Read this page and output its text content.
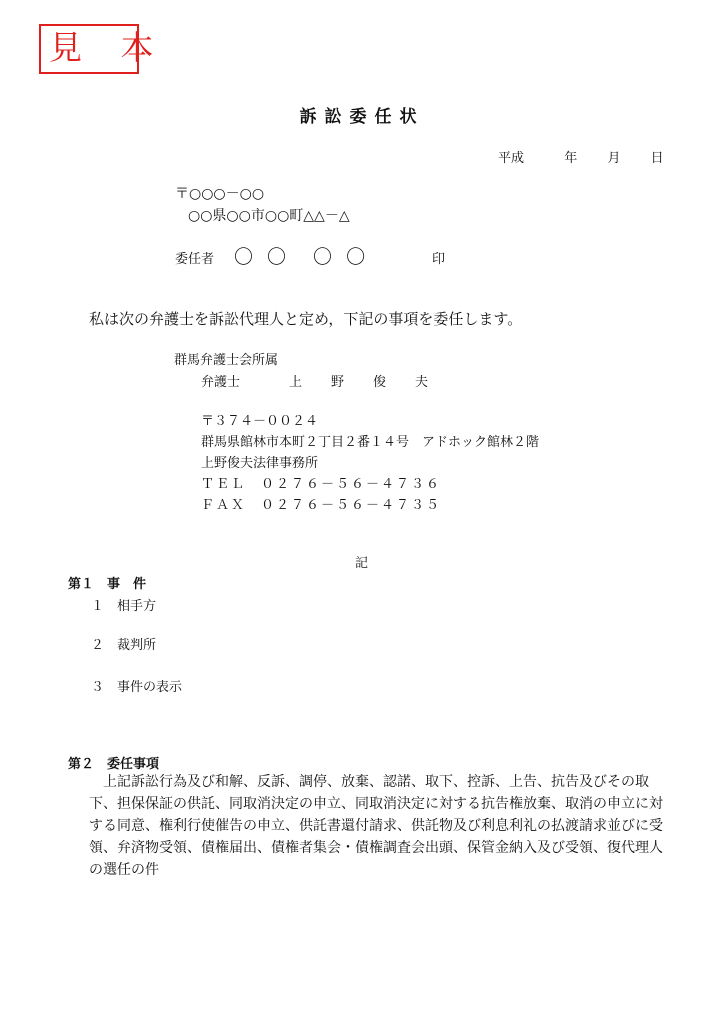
見 本
訴訟委任状
平成	年 月 日
〒○○○－○○
○○県○○市○○町△△－△
委任者 〇 〇　〇 〇	印
私は次の弁護士を訴訟代理人と定め，下記の事項を委任します。
群馬弁護士会所属
弁護士	上　野　俊　夫
〒３７４－００２４
群馬県館林市本町２丁目２番１４号　アドホック館林２階
上野俊夫法律事務所
ＴＥＬ　０２７６－５６－４７３６
ＦＡＸ　０２７６－５６－４７３５
記
第１　事　件
１　相手方
２　裁判所
３　事件の表示
第２　委任事項
上記訴訟行為及び和解、反訴、調停、放棄、認諾、取下、控訴、上告、抗告及びその取下、担保保証の供託、同取消決定の申立、同取消決定に対する抗告権放棄、取消の申立に対する同意、権利行使催告の申立、供託書還付請求、供託物及び利息利礼の払渡請求並びに受領、弁済物受領、債権届出、債権者集会・債権調査会出頭、保管金納入及び受領、復代理人の選任の件
